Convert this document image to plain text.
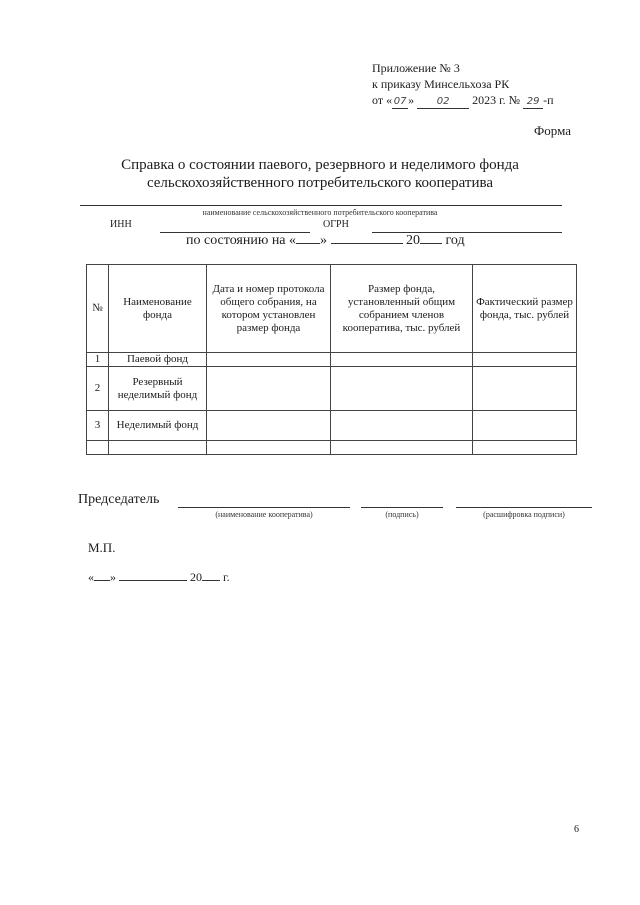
Приложение № 3
к приказу Минсельхоза РК
от « 07 » 02 2023 г. № 29 -п
Форма
Справка о состоянии паевого, резервного и неделимого фонда
сельскохозяйственного потребительского кооператива
наименование сельскохозяйственного потребительского кооператива
ИНН	ОГРН
по состоянию на « »	20 год
№	Наименование фонда	Дата и номер протокола общего собрания, на котором установлен размер фонда	Размер фонда, установленный общим собранием членов кооператива, тыс. рублей	Фактический размер фонда, тыс. рублей
1	Паевой фонд			
2	Резервный неделимый фонд			
3	Неделимый фонд			

Председатель
(наименование кооператива)	(подпись)	(расшифровка подписи)
М.П.
« »	20 г.
6
